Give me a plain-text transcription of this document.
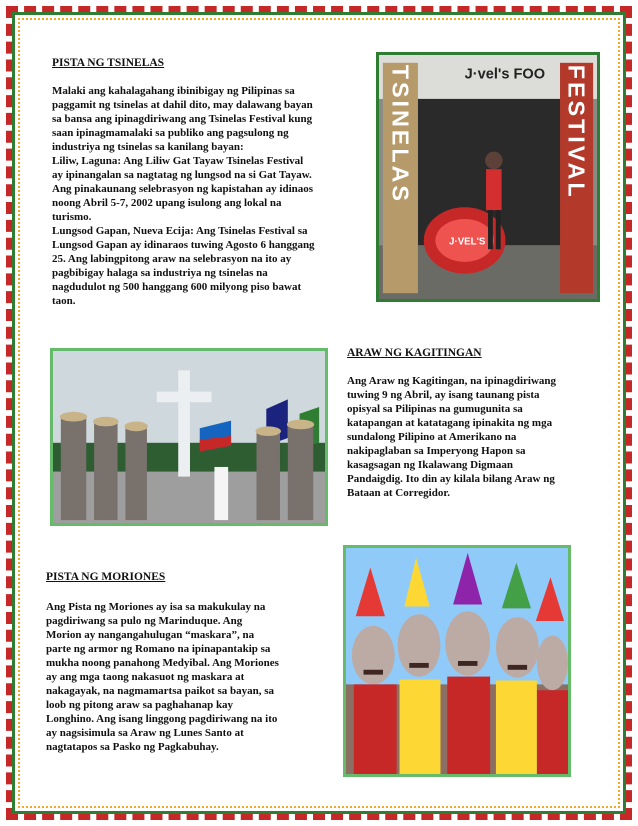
PISTA NG TSINELAS

Malaki ang kahalagahang ibinibigay ng Pilipinas sa

paggamit ng tsinelas at dahil dito, may dalawang bayan

sa bansa ang ipinagdiriwang ang Tsinelas Festival kung

saan ipinagmamalaki sa publiko ang pagsulong ng

industriya ng tsinelas sa kanilang bayan:

Liliw, Laguna: Ang Liliw Gat Tayaw Tsinelas Festival

ay ipinangalan sa nagtatag ng lungsod na si Gat Tayaw.

Ang pinakaunang selebrasyon ng kapistahan ay idinaos

noong Abril 5-7, 2002 upang isulong ang lokal na

turismo.

Lungsod Gapan, Nueva Ecija: Ang Tsinelas Festival sa

Lungsod Gapan ay idinaraos tuwing Agosto 6 hanggang

25. Ang labingpitong araw na selebrasyon na ito ay

pagbibigay halaga sa industriya ng tsinelas na

nagdudulot ng 500 hanggang 600 milyong piso bawat

taon.

J·vel's FOO
TSINELAS	FESTIVAL
J·VEL'S
ARAW NG KAGITINGAN

Ang Araw ng Kagitingan, na ipinagdiriwang

tuwing 9 ng Abril, ay isang taunang pista

opisyal sa Pilipinas na gumugunita sa

katapangan at katatagang ipinakita ng mga

sundalong Pilipino at Amerikano na

nakipaglaban sa Imperyong Hapon sa

kasagsagan ng Ikalawang Digmaan

Pandaigdig. Ito din ay kilala bilang Araw ng

Bataan at Corregidor.

PISTA NG MORIONES

Ang Pista ng Moriones ay isa sa makukulay na

pagdiriwang sa pulo ng Marinduque. Ang

Morion ay nangangahulugan “maskara”, na

parte ng armor ng Romano na ipinapantakip sa

mukha noong panahong Medyibal. Ang Moriones

ay ang mga taong nakasuot ng maskara at

nakagayak, na nagmamartsa paikot sa bayan, sa

loob ng pitong araw sa paghahanap kay

Longhino. Ang isang linggong pagdiriwang na ito

ay nagsisimula sa Araw ng Lunes Santo at

nagtatapos sa Pasko ng Pagkabuhay.
